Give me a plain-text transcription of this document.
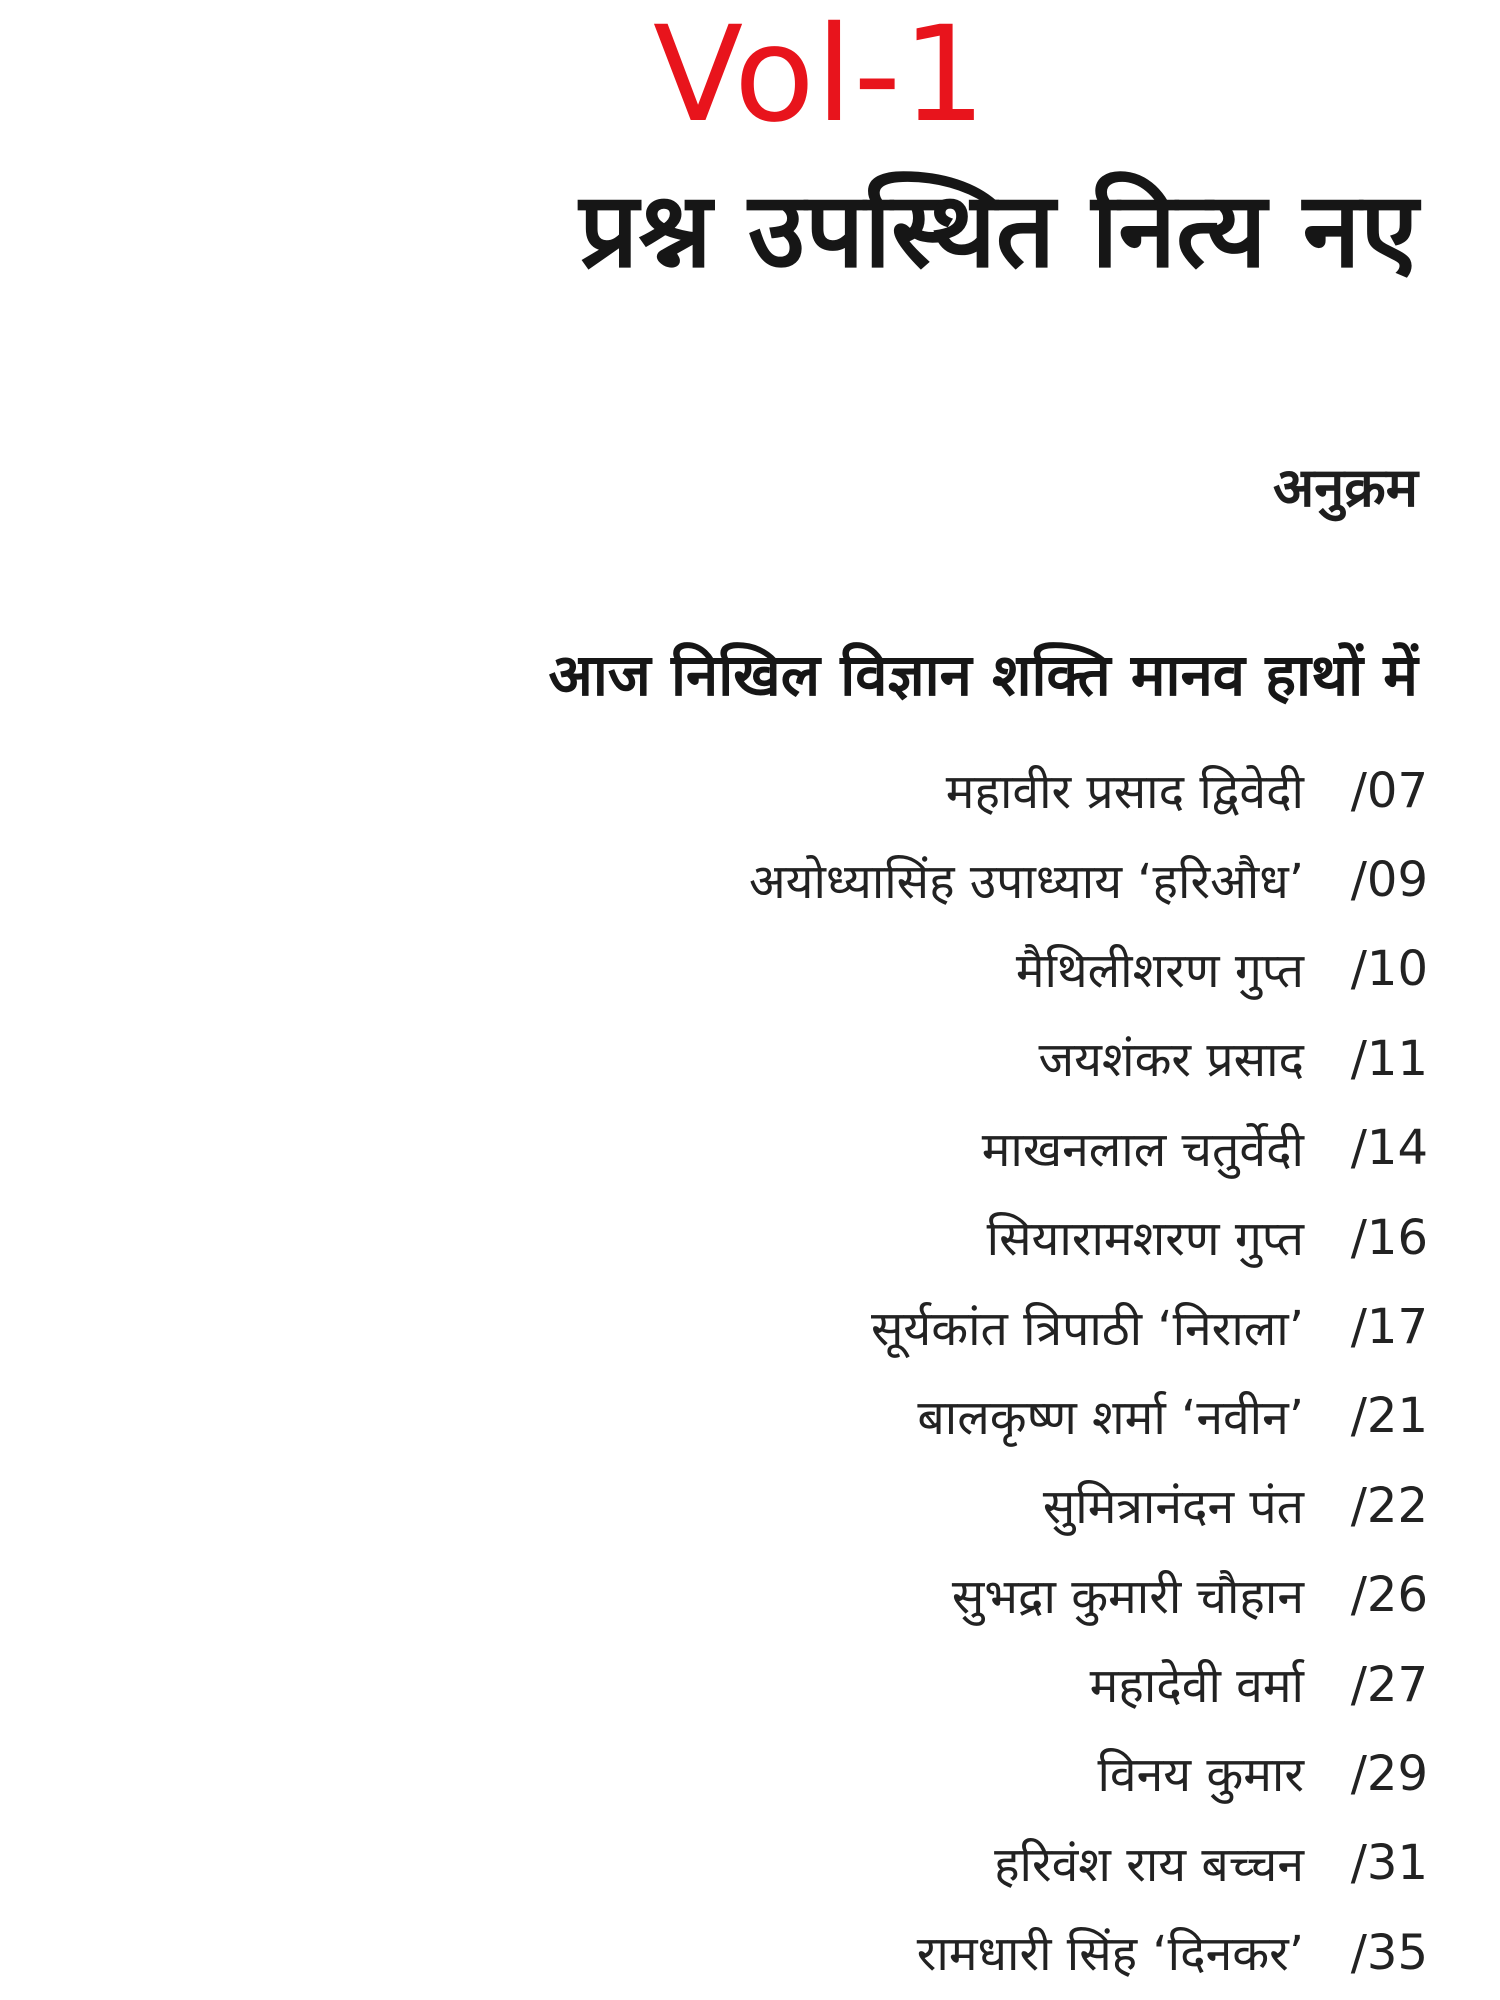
Vol-1
प्रश्न उपस्थित नित्य नए
अनुक्रम
आज निखिल विज्ञान शक्ति मानव हाथों में
महावीर प्रसाद द्विवेदी /07
अयोध्यासिंह उपाध्याय ‘हरिऔध’ /09
मैथिलीशरण गुप्त /10
जयशंकर प्रसाद /11
माखनलाल चतुर्वेदी /14
सियारामशरण गुप्त /16
सूर्यकांत त्रिपाठी ‘निराला’ /17
बालकृष्ण शर्मा ‘नवीन’ /21
सुमित्रानंदन पंत /22
सुभद्रा कुमारी चौहान /26
महादेवी वर्मा /27
विनय कुमार /29
हरिवंश राय बच्चन /31
रामधारी सिंह ‘दिनकर’ /35
